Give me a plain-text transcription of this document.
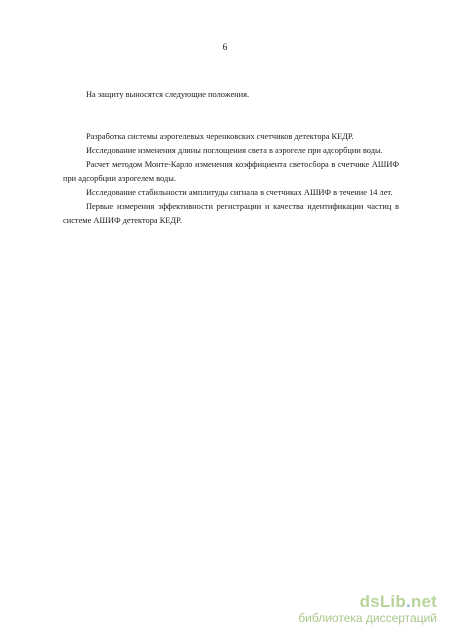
6

На защиту выносятся следующие положения.

Разработка системы аэрогелевых черенковских счетчиков детектора КЕДР.

Исследование изменения длины поглощения света в аэрогеле при адсорбции воды.

Расчет методом Монте-Карло изменения коэффициента светосбора в счетчике АШИФ при адсорбции аэрогелем воды.

Исследование стабильности амплитуды сигнала в счетчиках АШИФ в течение 14 лет.

Первые измерения эффективности регистрации и качества идентификации частиц в системе АШИФ детектора КЕДР.

dsLib.net
библиотека диссертаций
